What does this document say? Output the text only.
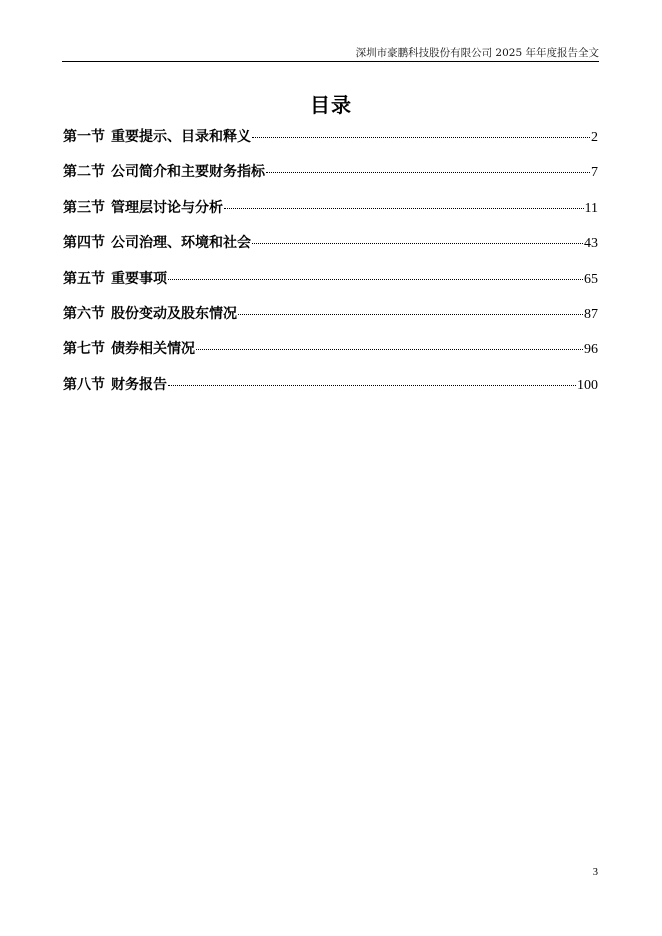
深圳市豪鹏科技股份有限公司 2025 年年度报告全文
目录
第一节 重要提示、目录和释义	2
第二节 公司简介和主要财务指标	7
第三节 管理层讨论与分析	11
第四节 公司治理、环境和社会	43
第五节 重要事项	65
第六节 股份变动及股东情况	87
第七节 债券相关情况	96
第八节 财务报告	100
3
